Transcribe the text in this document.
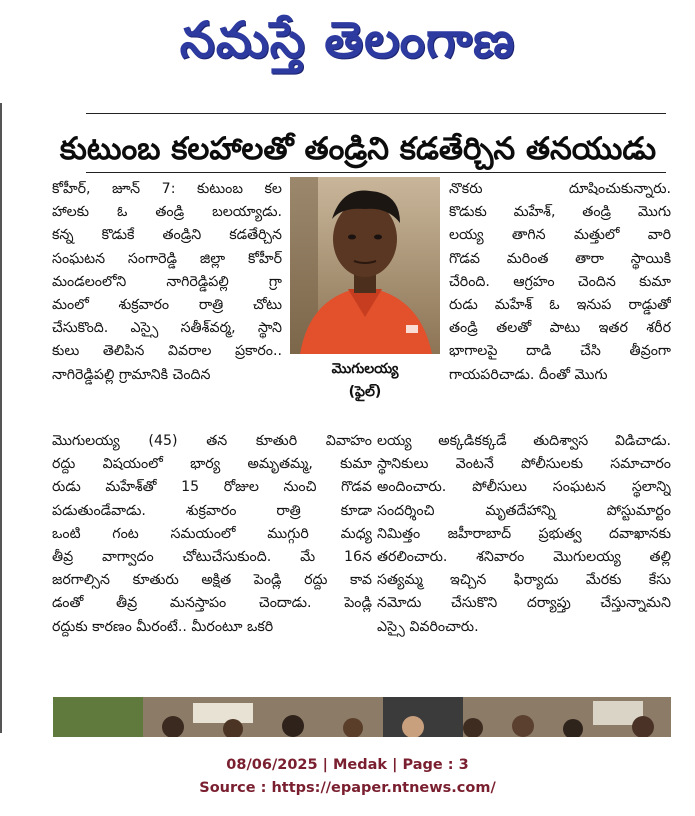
నమస్తే తెలంగాణ
కుటుంబ కలహాలతో తండ్రిని కడతేర్చిన తనయుడు
కోహీర్, జూన్ 7: కుటుంబ కల
హాలకు ఓ తండ్రి బలయ్యాడు.
కన్న కొడుకే తండ్రిని కడతేర్చిన
సంఘటన సంగారెడ్డి జిల్లా కోహీర్
మండలంలోని నాగిరెడ్డిపల్లి గ్రా
మంలో శుక్రవారం రాత్రి చోటు
చేసుకొంది. ఎస్సై సతీశ్‌వర్మ, స్థాని
కులు తెలిపిన వివరాల ప్రకారం..
నాగిరెడ్డిపల్లి గ్రామానికి చెందిన
మొగులయ్య (45) తన కూతురి వివాహం
రద్దు విషయంలో భార్య అమృతమ్మ, కుమా
రుడు మహేశ్‌తో 15 రోజుల నుంచి గొడవ
పడుతుండేవాడు. శుక్రవారం రాత్రి కూడా
ఒంటి గంట సమయంలో ముగ్గురి మధ్య
తీవ్ర వాగ్వాదం చోటుచేసుకుంది. మే 16న
జరగాల్సిన కూతురు అక్షిత పెండ్లి రద్దు కావ
డంతో తీవ్ర మనస్తాపం చెందాడు. పెండ్లి
రద్దుకు కారణం మీరంటే.. మీరంటూ ఒకరి
నొకరు దూషించుకున్నారు.
కొడుకు మహేశ్, తండ్రి మొగు
లయ్య తాగిన మత్తులో వారి
గొడవ మరింత తారా స్థాయికి
చేరింది. ఆగ్రహం చెందిన కుమా
రుడు మహేశ్ ఓ ఇనుప రాడ్డుతో
తండ్రి తలతో పాటు ఇతర శరీర
భాగాలపై దాడి చేసి తీవ్రంగా
గాయపరిచాడు. దీంతో మొగు
లయ్య అక్కడికక్కడే తుదిశ్వాస విడిచాడు.
స్థానికులు వెంటనే పోలీసులకు సమాచారం
అందించారు. పోలీసులు సంఘటన స్థలాన్ని
సందర్శించి మృతదేహాన్ని పోస్టుమార్టం
నిమిత్తం జహీరాబాద్ ప్రభుత్వ దవాఖానకు
తరలించారు. శనివారం మొగులయ్య తల్లి
సత్యమ్మ ఇచ్చిన ఫిర్యాదు మేరకు కేసు
నమోదు చేసుకొని దర్యాప్తు చేస్తున్నామని
ఎస్సై వివరించారు.
మొగులయ్య
(ఫైల్)
08/06/2025 | Medak | Page : 3
Source : https://epaper.ntnews.com/
